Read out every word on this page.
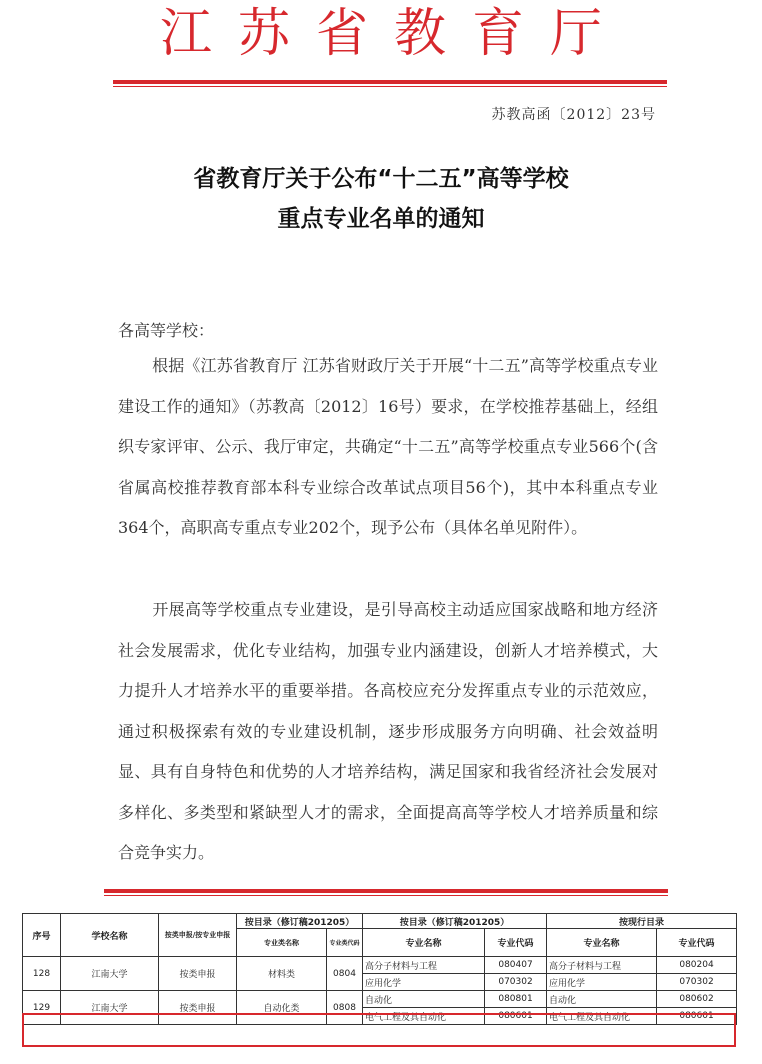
江苏省教育厅
苏教高函〔2012〕23号
省教育厅关于公布“十二五”高等学校
重点专业名单的通知
各高等学校：
根据《江苏省教育厅 江苏省财政厅关于开展“十二五”高等学校重点专业建设工作的通知》（苏教高〔2012〕16号）要求，在学校推荐基础上，经组织专家评审、公示、我厅审定，共确定“十二五”高等学校重点专业566个(含省属高校推荐教育部本科专业综合改革试点项目56个)，其中本科重点专业364个，高职高专重点专业202个，现予公布（具体名单见附件）。
开展高等学校重点专业建设，是引导高校主动适应国家战略和地方经济社会发展需求，优化专业结构，加强专业内涵建设，创新人才培养模式，大力提升人才培养水平的重要举措。各高校应充分发挥重点专业的示范效应，通过积极探索有效的专业建设机制，逐步形成服务方向明确、社会效益明显、具有自身特色和优势的人才培养结构，满足国家和我省经济社会发展对多样化、多类型和紧缺型人才的需求，全面提高高等学校人才培养质量和综合竞争实力。
序号	学校名称	按类申报/按专业申报	按目录（修订稿201205）		按目录（修订稿201205）		按现行目录	
			专业类名称	专业类代码	专业名称	专业代码	专业名称	专业代码
128	江南大学	按类申报	材料类	0804	高分子材料与工程	080407	高分子材料与工程	080204
					应用化学	070302	应用化学	070302
129	江南大学	按类申报	自动化类	0808	自动化	080801	自动化	080602
					电气工程及其自动化	080601	电气工程及其自动化	080601
